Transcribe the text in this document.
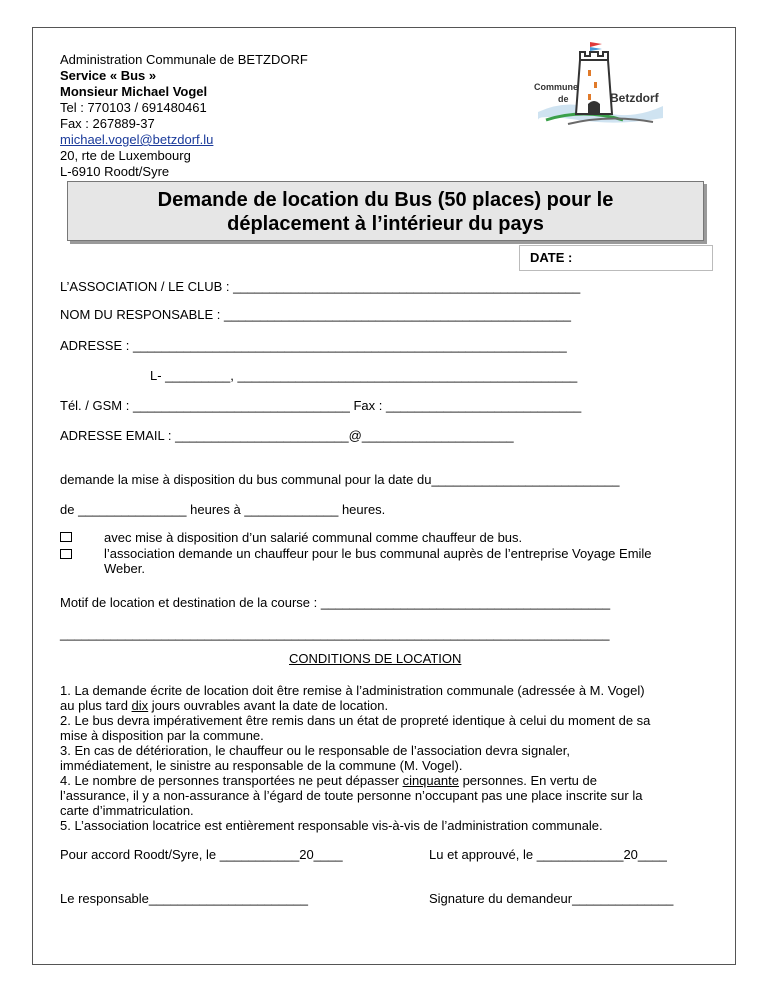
Administration Communale de BETZDORF
Service « Bus »
Monsieur Michael Vogel
Tel : 770103 / 691480461
Fax : 267889-37
michael.vogel@betzdorf.lu
20, rte de Luxembourg
L-6910 Roodt/Syre
Commune
de	Betzdorf
Demande de location du Bus (50 places) pour le
déplacement à l’intérieur du pays
DATE :
L’ASSOCIATION / LE CLUB : ________________________________________________
NOM DU RESPONSABLE : ________________________________________________
ADRESSE : ____________________________________________________________
L- _________, _______________________________________________
Tél. / GSM : ______________________________ Fax : ___________________________
ADRESSE EMAIL : ________________________@_____________________
demande la mise à disposition du bus communal pour la date du__________________________
de _______________ heures à _____________ heures.
avec mise à disposition d’un salarié communal comme chauffeur de bus.
l’association demande un chauffeur pour le bus communal auprès de l’entreprise Voyage Emile
Weber.
Motif de location et destination de la course : ________________________________________
____________________________________________________________________________
CONDITIONS DE LOCATION
1. La demande écrite de location doit être remise à l’administration communale (adressée à M. Vogel)
au plus tard dix jours ouvrables avant la date de location.
2. Le bus devra impérativement être remis dans un état de propreté identique à celui du moment de sa
mise à disposition par la commune.
3. En cas de détérioration, le chauffeur ou le responsable de l’association devra signaler,
immédiatement, le sinistre au responsable de la commune (M. Vogel).
4. Le nombre de personnes transportées ne peut dépasser cinquante personnes. En vertu de
l’assurance, il y a non-assurance à l’égard de toute personne n’occupant pas une place inscrite sur la
carte d’immatriculation.
5. L’association locatrice est entièrement responsable vis-à-vis de l’administration communale.
Pour accord Roodt/Syre, le ___________20____	Lu et approuvé, le ____________20____
Le responsable______________________	Signature du demandeur______________
